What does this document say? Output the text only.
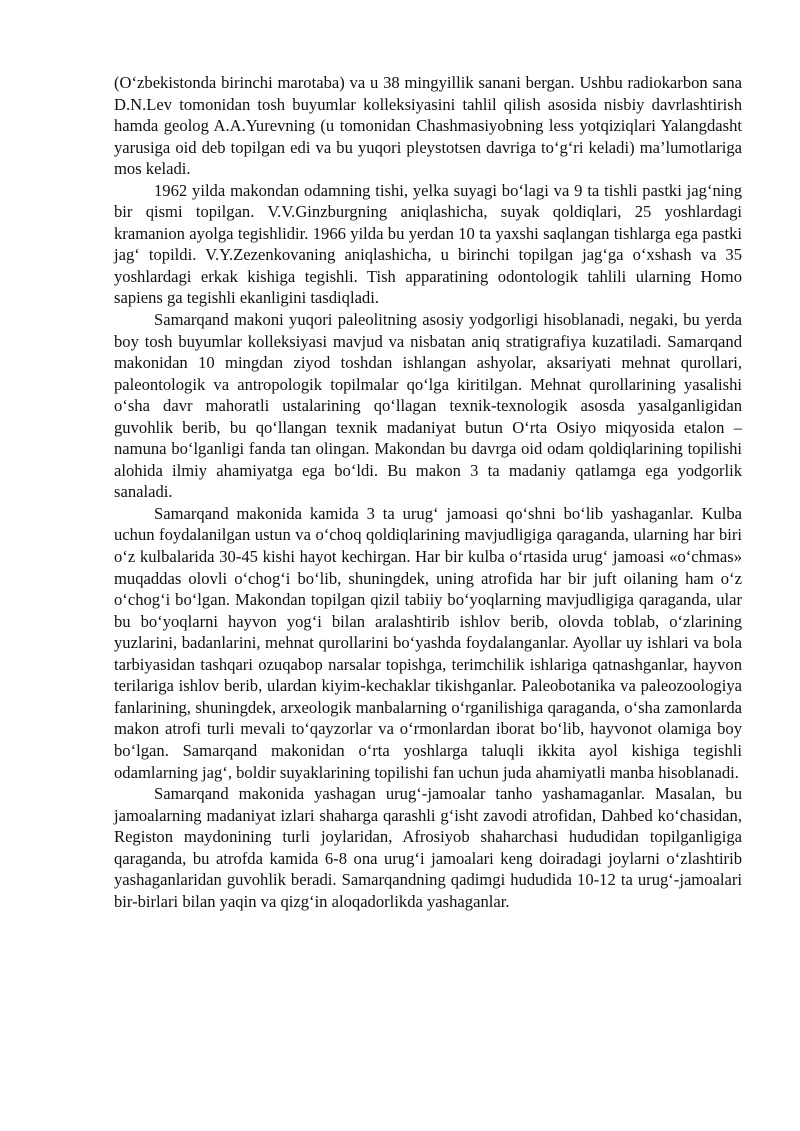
(O‘zbekistonda birinchi marotaba) va u 38 mingyillik sanani bergan. Ushbu radiokarbon sana D.N.Lev tomonidan tosh buyumlar kolleksiyasini tahlil qilish asosida nisbiy davrlashtirish hamda geolog A.A.Yurevning (u tomonidan Chashmasiyobning less yotqiziqlari Yalangdasht yarusiga oid deb topilgan edi va bu yuqori pleystotsen davriga to‘g‘ri keladi) ma’lumotlariga mos keladi.

1962 yilda makondan odamning tishi, yelka suyagi bo‘lagi va 9 ta tishli pastki jag‘ning bir qismi topilgan. V.V.Ginzburgning aniqlashicha, suyak qoldiqlari, 25 yoshlardagi kramanion ayolga tegishlidir. 1966 yilda bu yerdan 10 ta yaxshi saqlangan tishlarga ega pastki jag‘ topildi. V.Y.Zezenkovaning aniqlashicha, u birinchi topilgan jag‘ga o‘xshash va 35 yoshlardagi erkak kishiga tegishli. Tish apparatining odontologik tahlili ularning Homo sapiens ga tegishli ekanligini tasdiqladi.

Samarqand makoni yuqori paleolitning asosiy yodgorligi hisoblanadi, negaki, bu yerda boy tosh buyumlar kolleksiyasi mavjud va nisbatan aniq stratigrafiya kuzatiladi. Samarqand makonidan 10 mingdan ziyod toshdan ishlangan ashyolar, aksariyati mehnat qurollari, paleontologik va antropologik topilmalar qo‘lga kiritilgan. Mehnat qurollarining yasalishi o‘sha davr mahoratli ustalarining qo‘llagan texnik-texnologik asosda yasalganligidan guvohlik berib, bu qo‘llangan texnik madaniyat butun O‘rta Osiyo miqyosida etalon – namuna bo‘lganligi fanda tan olingan. Makondan bu davrga oid odam qoldiqlarining topilishi alohida ilmiy ahamiyatga ega bo‘ldi. Bu makon 3 ta madaniy qatlamga ega yodgorlik sanaladi.

Samarqand makonida kamida 3 ta urug‘ jamoasi qo‘shni bo‘lib yashaganlar. Kulba uchun foydalanilgan ustun va o‘choq qoldiqlarining mavjudligiga qaraganda, ularning har biri o‘z kulbalarida 30-45 kishi hayot kechirgan. Har bir kulba o‘rtasida urug‘ jamoasi «o‘chmas» muqaddas olovli o‘chog‘i bo‘lib, shuningdek, uning atrofida har bir juft oilaning ham o‘z o‘chog‘i bo‘lgan. Makondan topilgan qizil tabiiy bo‘yoqlarning mavjudligiga qaraganda, ular bu bo‘yoqlarni hayvon yog‘i bilan aralashtirib ishlov berib, olovda toblab, o‘zlarining yuzlarini, badanlarini, mehnat qurollarini bo‘yashda foydalanganlar. Ayollar uy ishlari va bola tarbiyasidan tashqari ozuqabop narsalar topishga, terimchilik ishlariga qatnashganlar, hayvon terilariga ishlov berib, ulardan kiyim-kechaklar tikishganlar. Paleobotanika va paleozoologiya fanlarining, shuningdek, arxeologik manbalarning o‘rganilishiga qaraganda, o‘sha zamonlarda makon atrofi turli mevali to‘qayzorlar va o‘rmonlardan iborat bo‘lib, hayvonot olamiga boy bo‘lgan. Samarqand makonidan o‘rta yoshlarga taluqli ikkita ayol kishiga tegishli odamlarning jag‘, boldir suyaklarining topilishi fan uchun juda ahamiyatli manba hisoblanadi.

Samarqand makonida yashagan urug‘-jamoalar tanho yashamaganlar. Masalan, bu jamoalarning madaniyat izlari shaharga qarashli g‘isht zavodi atrofidan, Dahbed ko‘chasidan, Registon maydonining turli joylaridan, Afrosiyob shaharchasi hududidan topilganligiga qaraganda, bu atrofda kamida 6-8 ona urug‘i jamoalari keng doiradagi joylarni o‘zlashtirib yashaganlaridan guvohlik beradi. Samarqandning qadimgi hududida 10-12 ta urug‘-jamoalari bir-birlari bilan yaqin va qizg‘in aloqadorlikda yashaganlar.
